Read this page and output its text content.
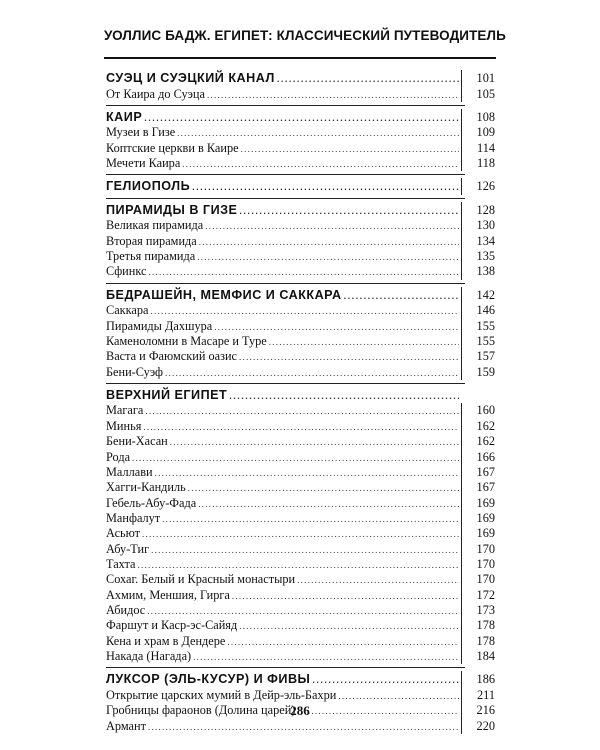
УОЛЛИС БАДЖ. ЕГИПЕТ: КЛАССИЧЕСКИЙ ПУТЕВОДИТЕЛЬ
СУЭЦ И СУЭЦКИЙ КАНАЛ . . .	101
От Каира до Суэца . . .	105
КАИР . . .	108
Музеи в Гизе . . .	109
Коптские церкви в Каире . . .	114
Мечети Каира . . .	118
ГЕЛИОПОЛЬ . . .	126
ПИРАМИДЫ В ГИЗЕ . . .	128
Великая пирамида . . .	130
Вторая пирамида . . .	134
Третья пирамида . . .	135
Сфинкс . . .	138
БЕДРАШЕЙН, МЕМФИС И САККАРА . . .	142
Саккара . . .	146
Пирамиды Дахшура . . .	155
Каменоломни в Масаре и Туре . . .	155
Васта и Фаюмский оазис . . .	157
Бени-Суэф . . .	159
ВЕРХНИЙ ЕГИПЕТ
. . .
Магага . . .	160
Минья . . .	162
Бени-Хасан . . .	162
Рода . . .	166
Маллави . . .	167
Хагги-Кандиль . . .	167
Гебель-Абу-Фада . . .	169
Манфалут . . .	169
Асьют . . .	169
Абу-Тиг . . .	170
Тахта . . .	170
Сохаг. Белый и Красный монастыри . . .	170
Ахмим, Меншия, Гирга . . .	172
Абидос . . .	173
Фаршут и Каср-эс-Сайяд . . .	178
Кена и храм в Дендере . . .	178
Накада (Нагада) . . .	184
ЛУКСОР (ЭЛЬ-КУСУР) И ФИВЫ . . .	186
Открытие царских мумий в Дейр-эль-Бахри . . .	211
Гробницы фараонов (Долина царей) . . .	216
Армант . . .	220
286
